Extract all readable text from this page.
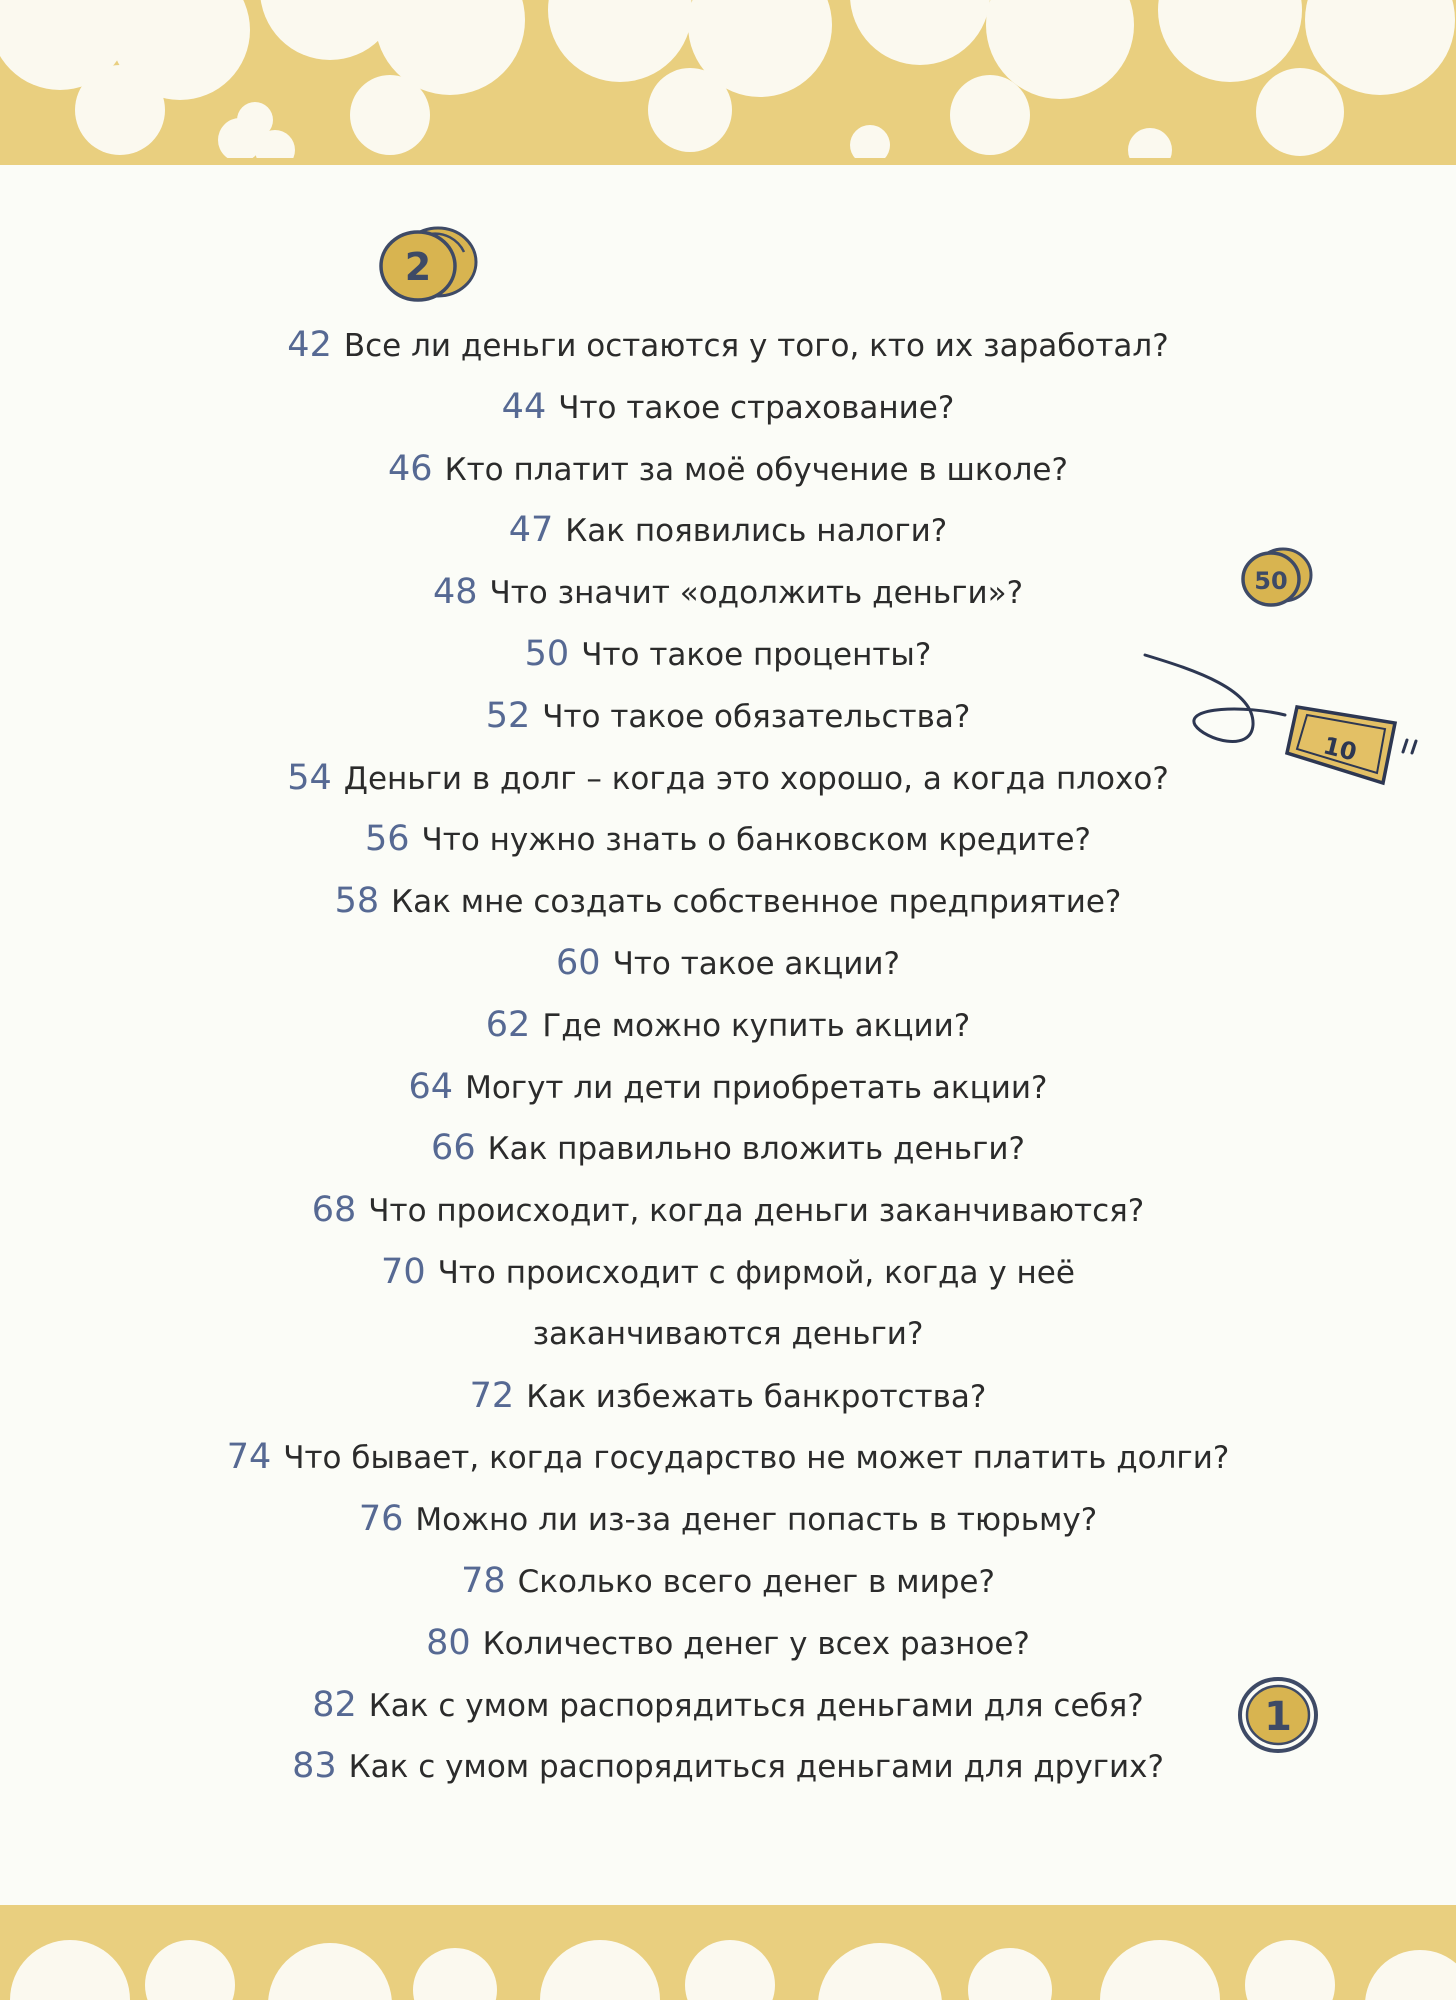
2
50
10
1
42 Все ли деньги остаются у того, кто их заработал?
44 Что такое страхование?
46 Кто платит за моё обучение в школе?
47 Как появились налоги?
48 Что значит «одолжить деньги»?
50 Что такое проценты?
52 Что такое обязательства?
54 Деньги в долг – когда это хорошо, а когда плохо?
56 Что нужно знать о банковском кредите?
58 Как мне создать собственное предприятие?
60 Что такое акции?
62 Где можно купить акции?
64 Могут ли дети приобретать акции?
66 Как правильно вложить деньги?
68 Что происходит, когда деньги заканчиваются?
70 Что происходит с фирмой, когда у неё
заканчиваются деньги?
72 Как избежать банкротства?
74 Что бывает, когда государство не может платить долги?
76 Можно ли из-за денег попасть в тюрьму?
78 Сколько всего денег в мире?
80 Количество денег у всех разное?
82 Как с умом распорядиться деньгами для себя?
83 Как с умом распорядиться деньгами для других?
